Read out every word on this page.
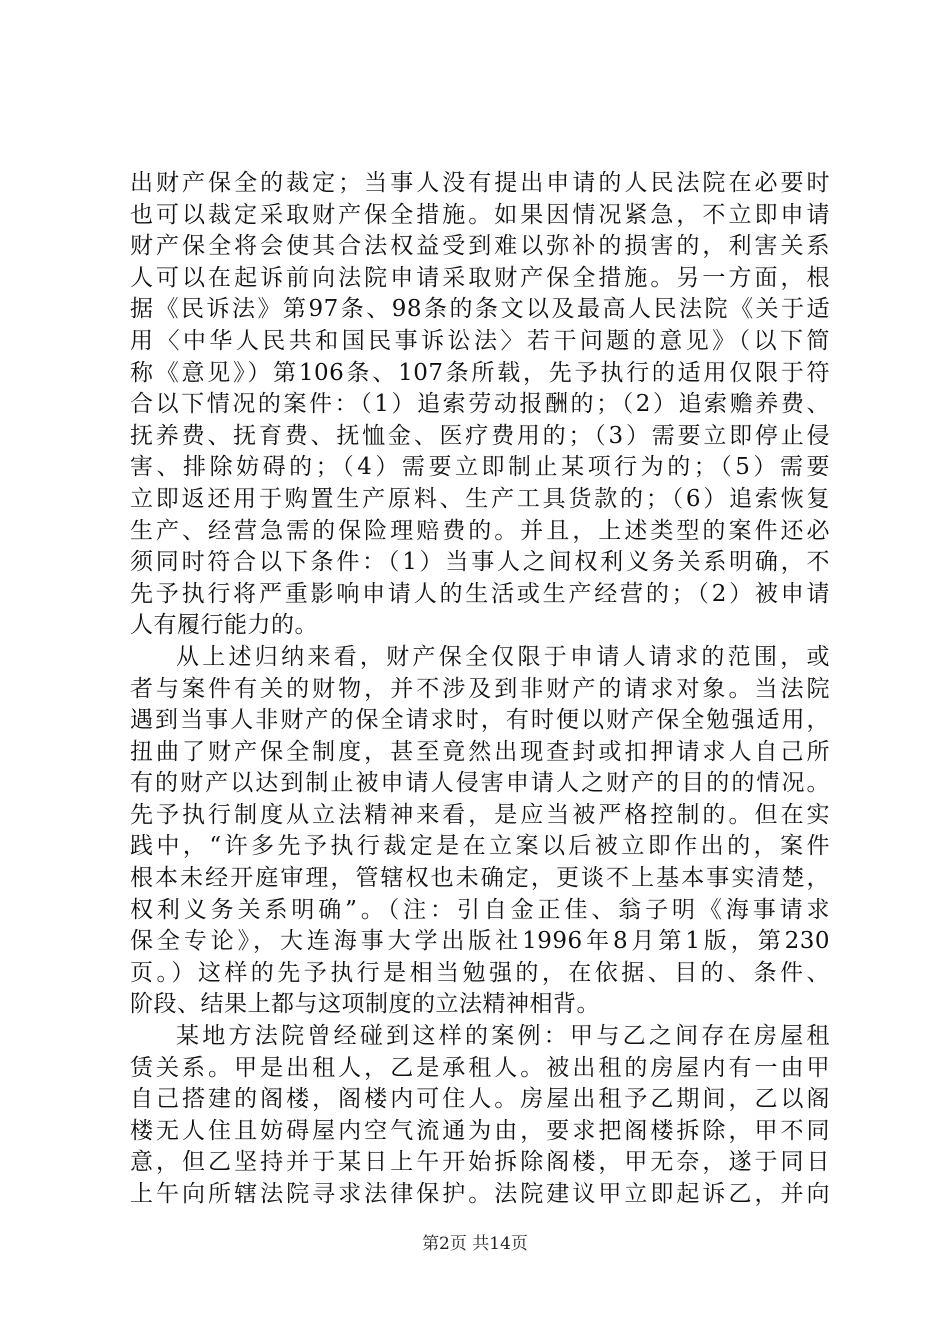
出财产保全的裁定；当事人没有提出申请的人民法院在必要时
也可以裁定采取财产保全措施。如果因情况紧急，不立即申请
财产保全将会使其合法权益受到难以弥补的损害的，利害关系
人可以在起诉前向法院申请采取财产保全措施。另一方面，根
据《民诉法》第97条、98条的条文以及最高人民法院《关于适
用〈中华人民共和国民事诉讼法〉若干问题的意见》（以下简
称《意见》）第106条、107条所载，先予执行的适用仅限于符
合以下情况的案件：（1）追索劳动报酬的；（2）追索赡养费、
抚养费、抚育费、抚恤金、医疗费用的；（3）需要立即停止侵
害、排除妨碍的；（4）需要立即制止某项行为的；（5）需要
立即返还用于购置生产原料、生产工具货款的；（6）追索恢复
生产、经营急需的保险理赔费的。并且，上述类型的案件还必
须同时符合以下条件：（1）当事人之间权利义务关系明确，不
先予执行将严重影响申请人的生活或生产经营的；（2）被申请
人有履行能力的。
从上述归纳来看，财产保全仅限于申请人请求的范围，或
者与案件有关的财物，并不涉及到非财产的请求对象。当法院
遇到当事人非财产的保全请求时，有时便以财产保全勉强适用，
扭曲了财产保全制度，甚至竟然出现查封或扣押请求人自己所
有的财产以达到制止被申请人侵害申请人之财产的目的的情况。
先予执行制度从立法精神来看，是应当被严格控制的。但在实
践中，“许多先予执行裁定是在立案以后被立即作出的，案件
根本未经开庭审理，管辖权也未确定，更谈不上基本事实清楚，
权利义务关系明确”。（注：引自金正佳、翁子明《海事请求
保全专论》，大连海事大学出版社1996年8月第1版，第230
页。）这样的先予执行是相当勉强的，在依据、目的、条件、
阶段、结果上都与这项制度的立法精神相背。
某地方法院曾经碰到这样的案例：甲与乙之间存在房屋租
赁关系。甲是出租人，乙是承租人。被出租的房屋内有一由甲
自己搭建的阁楼，阁楼内可住人。房屋出租予乙期间，乙以阁
楼无人住且妨碍屋内空气流通为由，要求把阁楼拆除，甲不同
意，但乙坚持并于某日上午开始拆除阁楼，甲无奈，遂于同日
上午向所辖法院寻求法律保护。法院建议甲立即起诉乙，并向
第2页 共14页
